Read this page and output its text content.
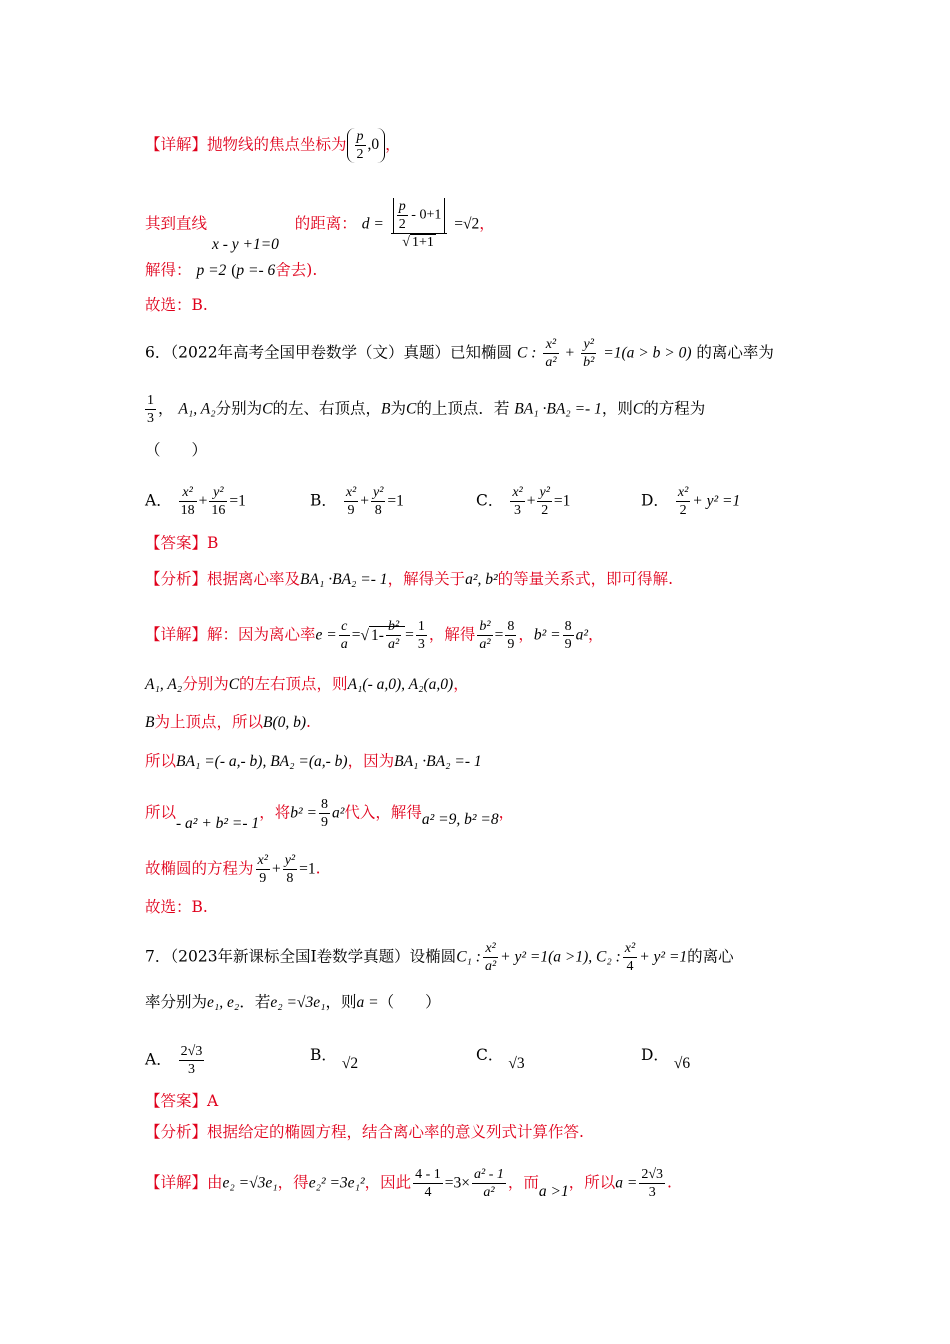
【详解】抛物线的焦点坐标为 $\frac{p}{2} ,0$ ，
其到直线 x - y +1=0  的距离： $d = \frac{\frac{p}{2} - 0+1}{√ 1+1} =√2$，
解得： p =2 (p =- 6舍去).
故选：B.
6．（2022年高考全国甲卷数学（文）真题）已知椭圆 C : $\frac{\text{x²}}{\text{a²}} + \frac{\text{y²}}{\text{b²}} =1(a > b > 0)$ 的离心率为
$\frac{1}{3}$ ， A₁, A₂分别为C的左、右顶点，B为C的上顶点．若 BA₁ ·BA₂ =- 1，则C的方程为
（　　）
A． $\frac{\text{x²}}{18} + \frac{\text{y²}}{16} =1$	B． $\frac{\text{x²}}{9} + \frac{\text{y²}}{8} =1$	C． $\frac{\text{x²}}{3} + \frac{\text{y²}}{2} =1$	D． $\frac{\text{x²}}{2} + y^2 =1$
【答案】B
【分析】根据离心率及BA₁ ·BA₂ =- 1，解得关于a², b²的等量关系式，即可得解.
【详解】解：因为离心率$e = \frac{c}{a}$ =√ $1- \frac{\text{b²}}{\text{a²}} = \frac{1}{3}$ ，解得 $\frac{\text{b²}}{\text{a²}} = \frac{8}{9}$ ，$b^2 = \frac{8}{9} a^2$，
A₁, A₂分别为C的左右顶点，则A₁(- a,0), A₂(a,0)，
B为上顶点，所以B(0, b).
所以BA₁ =(- a,- b), BA₂ =(a,- b)，因为BA₁ ·BA₂ =- 1
所以- a² + b² =- 1，将$b^2 = \frac{8}{9} a^2$代入，解得a² =9, b² =8，
故椭圆的方程为 $\frac{\text{x²}}{9} + \frac{\text{y²}}{8} =1$.
故选：B.
7．（2023年新课标全国Ⅰ卷数学真题）设椭圆C₁ : $\frac{\text{x²}}{\text{a²}} + y^2 =1(a >1)$, C₂ : $\frac{\text{x²}}{4} + y^2 =1$的离心
率分别为e₁, e₂．若e₂ =√3e₁，则a =（　　）
A． $\frac{2√3}{3}$	B． √2	C． √3	D． √6
【答案】A
【分析】根据给定的椭圆方程，结合离心率的意义列式计算作答.
【详解】由e₂ =√3e₁，得e₂² =3e₁²，因此 $\frac{4 - 1}{4} =3\times \frac{\text{a² - 1}}{\text{a²}}$ ，而a >1，所以$a = \frac{2√3}{3}$ .
